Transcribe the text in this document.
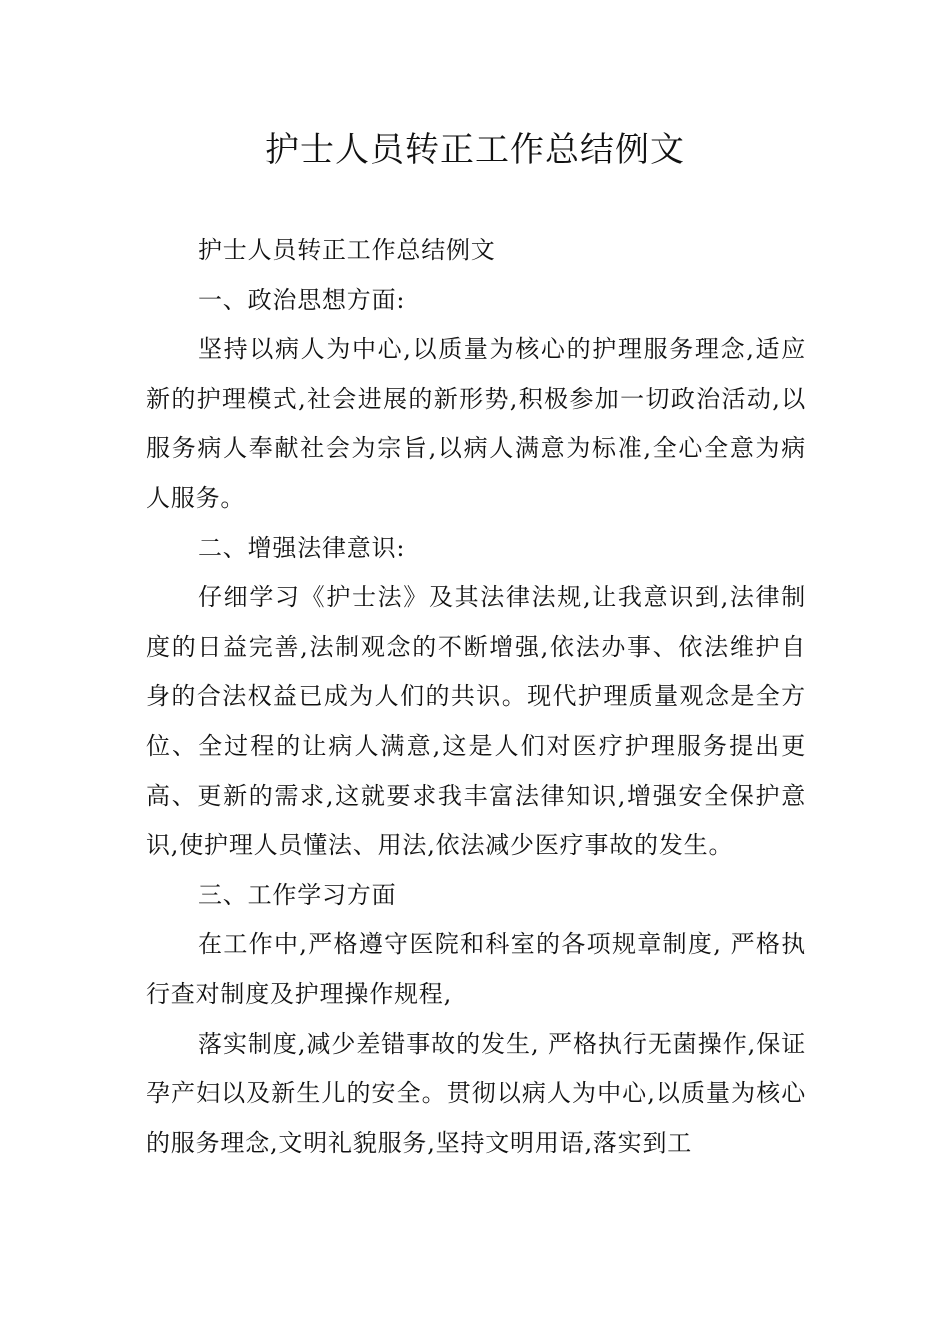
护士人员转正工作总结例文

护士人员转正工作总结例文

一、政治思想方面:

坚持以病人为中心,以质量为核心的护理服务理念,适应新的护理模式,社会进展的新形势,积极参加一切政治活动,以服务病人奉献社会为宗旨,以病人满意为标准,全心全意为病人服务。

二、增强法律意识:

仔细学习《护士法》及其法律法规,让我意识到,法律制度的日益完善,法制观念的不断增强,依法办事、依法维护自身的合法权益已成为人们的共识。现代护理质量观念是全方位、全过程的让病人满意,这是人们对医疗护理服务提出更高、更新的需求,这就要求我丰富法律知识,增强安全保护意识,使护理人员懂法、用法,依法减少医疗事故的发生。

三、工作学习方面

在工作中,严格遵守医院和科室的各项规章制度, 严格执行查对制度及护理操作规程,

落实制度,减少差错事故的发生, 严格执行无菌操作,保证孕产妇以及新生儿的安全。贯彻以病人为中心,以质量为核心的服务理念,文明礼貌服务,坚持文明用语,落实到工
